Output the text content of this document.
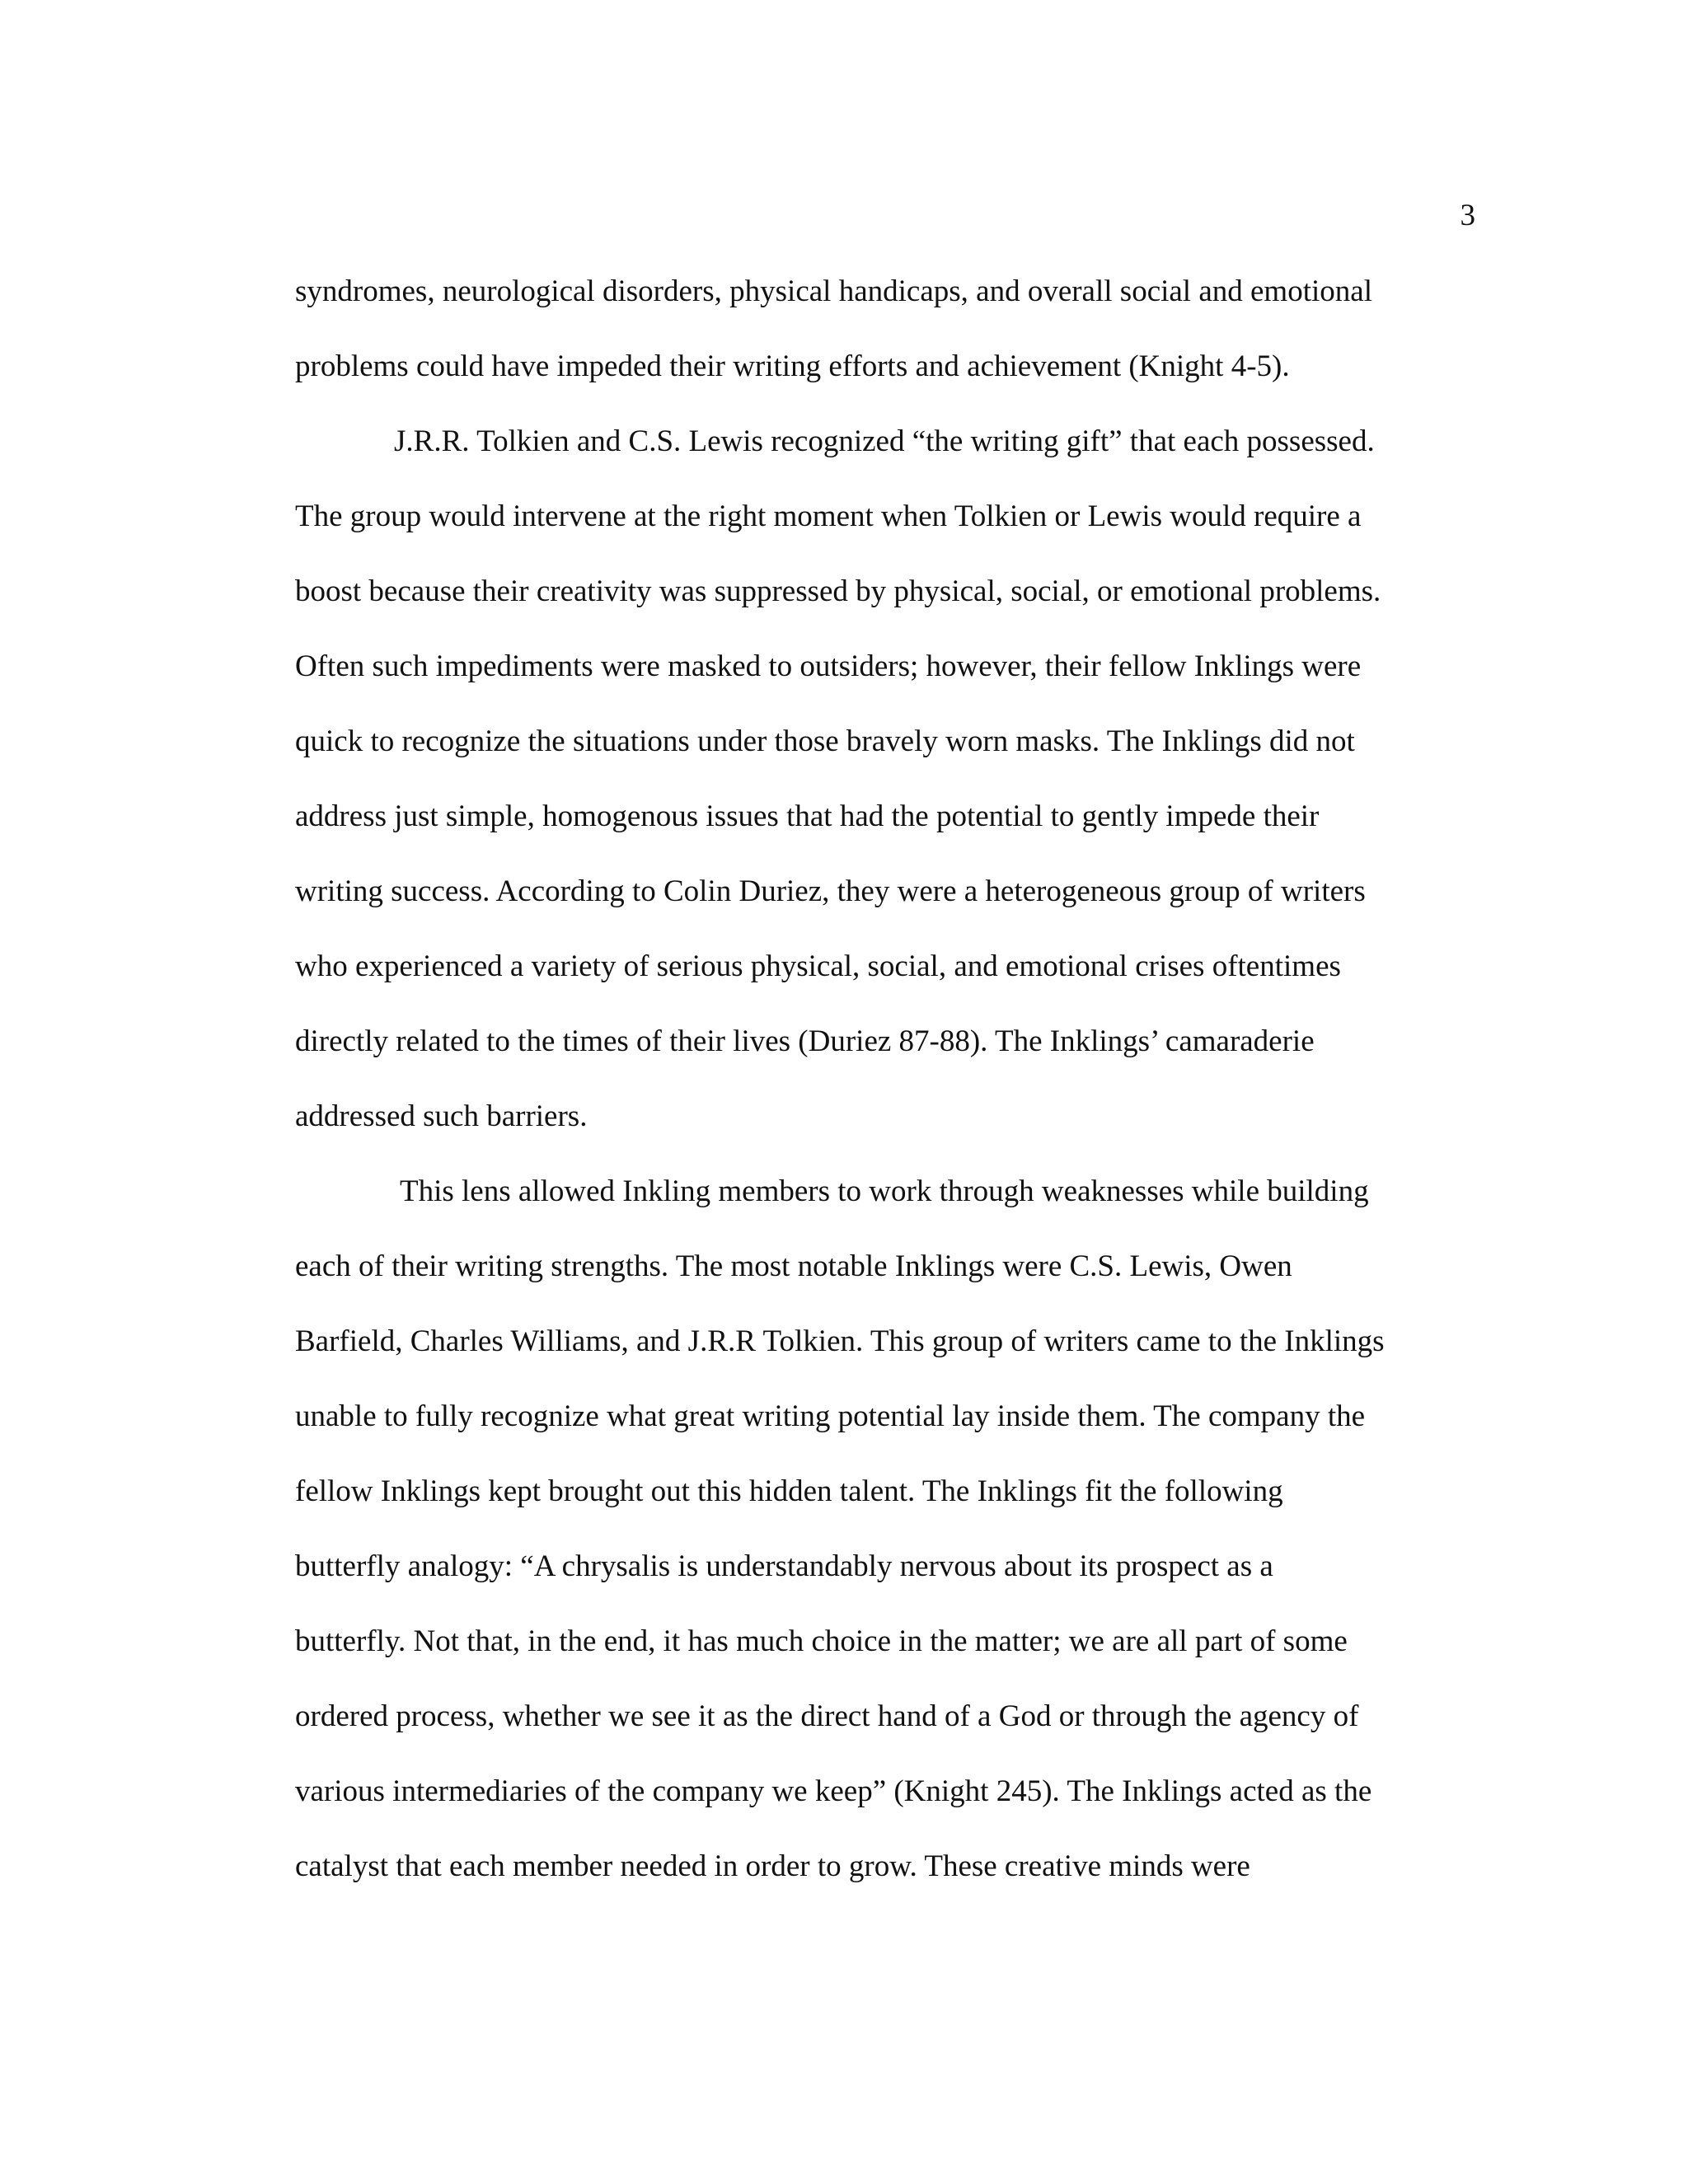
3

syndromes, neurological disorders, physical handicaps, and overall social and emotional

problems could have impeded their writing efforts and achievement (Knight 4-5).

J.R.R. Tolkien and C.S. Lewis recognized “the writing gift” that each possessed.

The group would intervene at the right moment when Tolkien or Lewis would require a

boost because their creativity was suppressed by physical, social, or emotional problems.

Often such impediments were masked to outsiders; however, their fellow Inklings were

quick to recognize the situations under those bravely worn masks. The Inklings did not

address just simple, homogenous issues that had the potential to gently impede their

writing success. According to Colin Duriez, they were a heterogeneous group of writers

who experienced a variety of serious physical, social, and emotional crises oftentimes

directly related to the times of their lives (Duriez 87-88). The Inklings’ camaraderie

addressed such barriers.

This lens allowed Inkling members to work through weaknesses while building

each of their writing strengths. The most notable Inklings were C.S. Lewis, Owen

Barfield, Charles Williams, and J.R.R Tolkien. This group of writers came to the Inklings

unable to fully recognize what great writing potential lay inside them. The company the

fellow Inklings kept brought out this hidden talent. The Inklings fit the following

butterfly analogy: “A chrysalis is understandably nervous about its prospect as a

butterfly. Not that, in the end, it has much choice in the matter; we are all part of some

ordered process, whether we see it as the direct hand of a God or through the agency of

various intermediaries of the company we keep” (Knight 245). The Inklings acted as the

catalyst that each member needed in order to grow. These creative minds were
